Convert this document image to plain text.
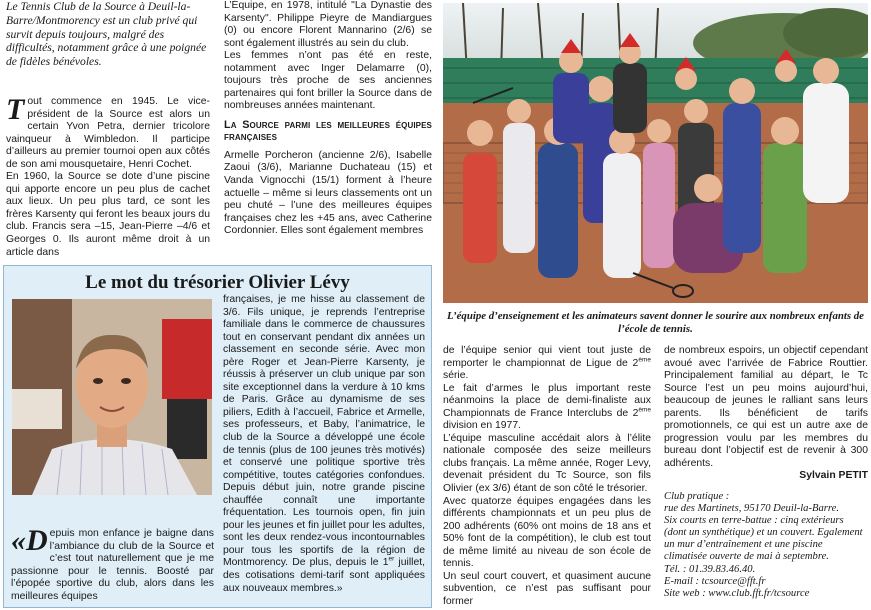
Le Tennis Club de la Source à Deuil-la-Barre/Montmorency est un club privé qui survit depuis toujours, malgré des difficultés, notamment grâce à une poignée de fidèles bénévoles.

Tout commence en 1945. Le vice-président de la Source est alors un certain Yvon Petra, dernier tricolore vainqueur à Wimbledon. Il participe d’ailleurs au premier tournoi open aux côtés de son ami mousquetaire, Henri Cochet.

En 1960, la Source se dote d’une piscine qui apporte encore un peu plus de cachet aux lieux. Un peu plus tard, ce sont les frères Karsenty qui feront les beaux jours du club. Francis sera –15, Jean-Pierre –4/6 et Georges 0. Ils auront même droit à un article dans

L’Équipe, en 1978, intitulé "La Dynastie des Karsenty". Philippe Pieyre de Mandiargues (0) ou encore Florent Mannarino (2/6) se sont également illustrés au sein du club.

Les femmes n’ont pas été en reste, notamment avec Inger Delamarre (0), toujours très proche de ses anciennes partenaires qui font briller la Source dans de nombreuses années maintenant.

La Source parmi les meilleures équipes françaises

Armelle Porcheron (ancienne 2/6), Isabelle Zaoui (3/6), Marianne Duchateau (15) et Vanda Vignocchi (15/1) forment à l’heure actuelle – même si leurs classements ont un peu chuté – l’une des meilleures équipes françaises chez les +45 ans, avec Catherine Cordonnier. Elles sont également membres

L’équipe d’enseignement et les animateurs savent donner le sourire aux nombreux enfants de l’école de tennis.

Le mot du trésorier Olivier Lévy

«Depuis mon enfance je baigne dans l’ambiance du club de la Source et c’est tout naturellement que je me passionne pour le tennis. Boosté par l’épopée sportive du club, alors dans les meilleures équipes

françaises, je me hisse au classement de 3/6. Fils unique, je reprends l’entreprise familiale dans le commerce de chaussures tout en conservant pendant dix années un classement en seconde série. Avec mon père Roger et Jean-Pierre Karsenty, je réussis à préserver un club unique par son site exceptionnel dans la verdure à 10 kms de Paris. Grâce au dynamisme de ses piliers, Edith à l’accueil, Fabrice et Armelle, ses professeurs, et Baby, l’animatrice, le club de la Source a développé une école de tennis (plus de 100 jeunes très motivés) et conservé une politique sportive très compétitive, toutes catégories confondues. Depuis début juin, notre grande piscine chauffée connaît une importante fréquentation. Les tournois open, fin juin pour les jeunes et fin juillet pour les adultes, sont les deux rendez-vous incontournables pour tous les sportifs de la région de Montmorency. De plus, depuis le 1er juillet, des cotisations demi-tarif sont appliquées aux nouveaux membres.»

de l’équipe senior qui vient tout juste de remporter le championnat de Ligue de 2ème série.

Le fait d’armes le plus important reste néanmoins la place de demi-finaliste aux Championnats de France Interclubs de 2ème division en 1977.

L’équipe masculine accédait alors à l’élite nationale composée des seize meilleurs clubs français. La même année, Roger Levy, devenait président du Tc Source, son fils Olivier (ex 3/6) étant de son côté le trésorier.

Avec quatorze équipes engagées dans les différents championnats et un peu plus de 200 adhérents (60% ont moins de 18 ans et 50% font de la compétition), le club est tout de même limité au niveau de son école de tennis.

Un seul court couvert, et quasiment aucune subvention, ce n’est pas suffisant pour former

de nombreux espoirs, un objectif cependant avoué avec l’arrivée de Fabrice Routtier. Principalement familial au départ, le Tc Source l’est un peu moins aujourd’hui, beaucoup de jeunes le ralliant sans leurs parents. Ils bénéficient de tarifs promotionnels, ce qui est un autre axe de progression voulu par les membres du bureau dont l’objectif est de revenir à 300 adhérents.

Sylvain PETIT

Club pratique :

rue des Martinets, 95170 Deuil-la-Barre.

Six courts en terre-battue : cinq extérieurs (dont un synthétique) et un couvert. Egalement un mur d’entraînement et une piscine climatisée ouverte de mai à septembre.

Tél. : 01.39.83.46.40.

E-mail : tcsource@fft.fr

Site web : www.club.fft.fr/tcsource
